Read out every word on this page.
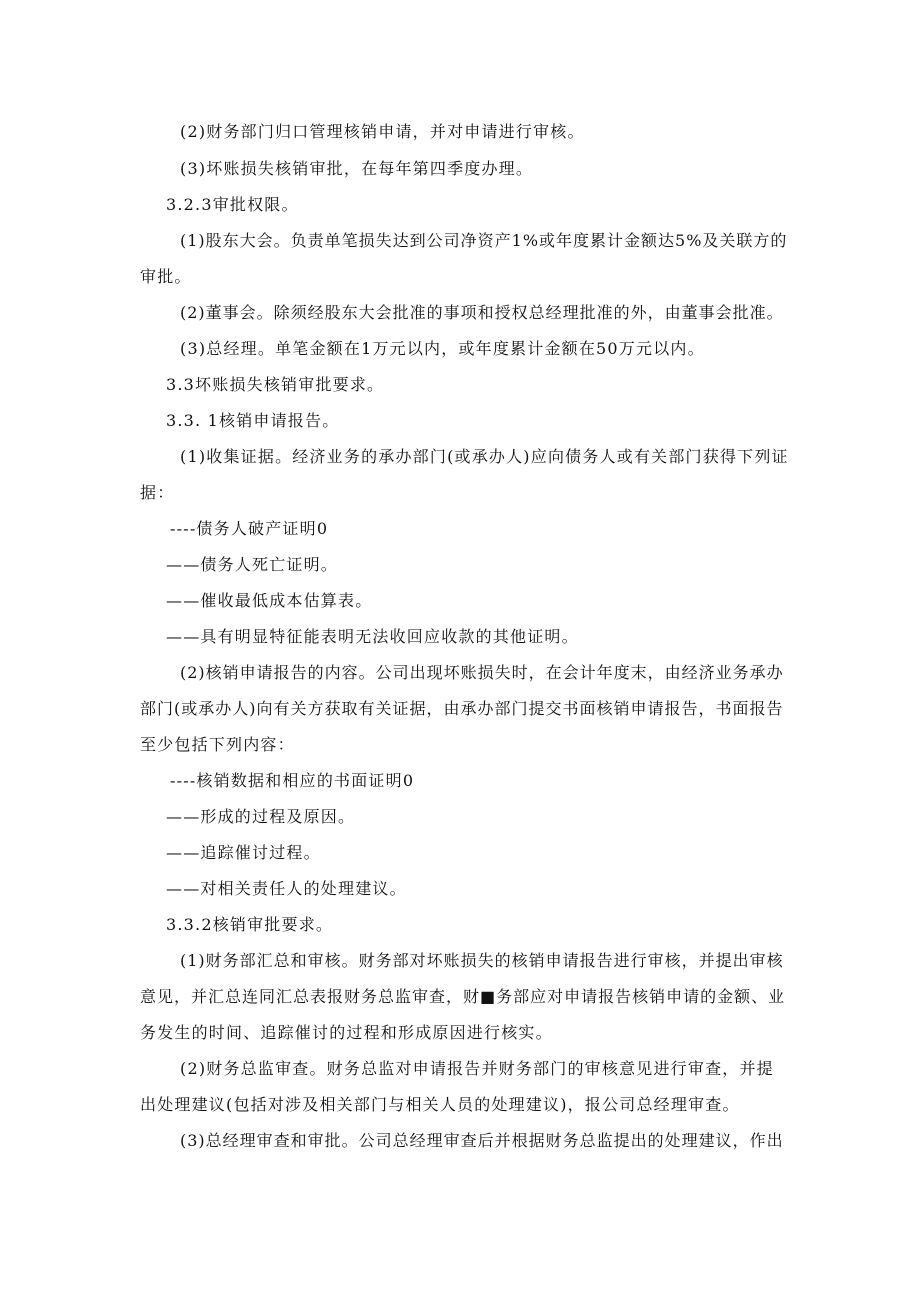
(2)财务部门归口管理核销申请，并对申请进行审核。
(3)坏账损失核销审批，在每年第四季度办理。
3.2.3审批权限。
(1)股东大会。负责单笔损失达到公司净资产1%或年度累计金额达5%及关联方的
审批。
(2)董事会。除须经股东大会批准的事项和授权总经理批准的外，由董事会批准。
(3)总经理。单笔金额在1万元以内，或年度累计金额在50万元以内。
3.3坏账损失核销审批要求。
3.3. 1核销申请报告。
(1)收集证据。经济业务的承办部门(或承办人)应向债务人或有关部门获得下列证
据：
----债务人破产证明0
——债务人死亡证明。
——催收最低成本估算表。
——具有明显特征能表明无法收回应收款的其他证明。
(2)核销申请报告的内容。公司出现坏账损失时，在会计年度末，由经济业务承办
部门(或承办人)向有关方获取有关证据，由承办部门提交书面核销申请报告，书面报告
至少包括下列内容：
----核销数据和相应的书面证明0
——形成的过程及原因。
——追踪催讨过程。
——对相关责任人的处理建议。
3.3.2核销审批要求。
(1)财务部汇总和审核。财务部对坏账损失的核销申请报告进行审核，并提出审核
意见，并汇总连同汇总表报财务总监审查，财■务部应对申请报告核销申请的金额、业
务发生的时间、追踪催讨的过程和形成原因进行核实。
(2)财务总监审查。财务总监对申请报告并财务部门的审核意见进行审查，并提
出处理建议(包括对涉及相关部门与相关人员的处理建议)，报公司总经理审查。
(3)总经理审查和审批。公司总经理审查后并根据财务总监提出的处理建议，作出
